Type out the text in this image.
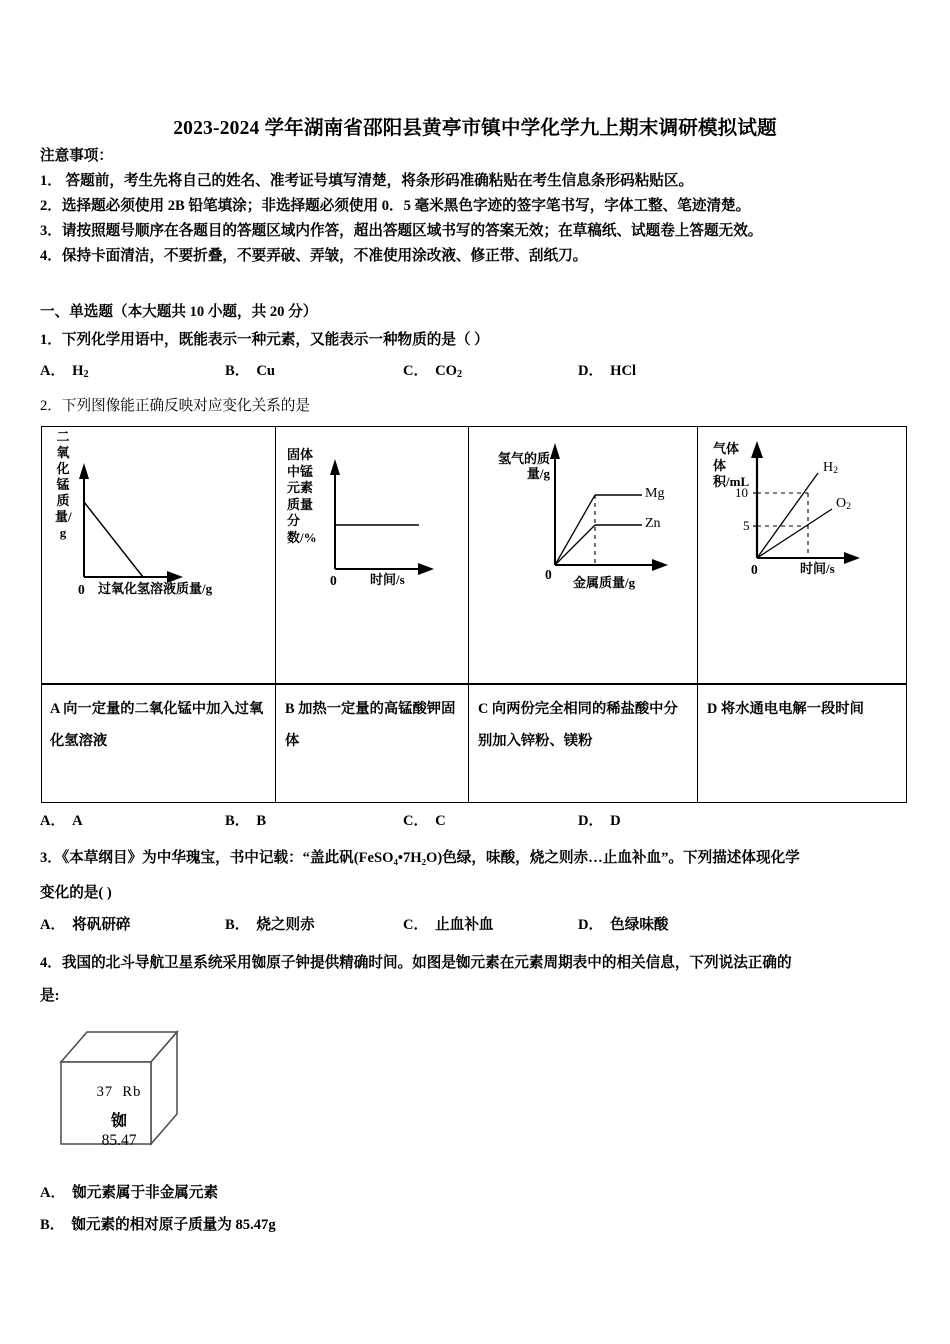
2023-2024 学年湖南省邵阳县黄亭市镇中学化学九上期末调研模拟试题
注意事项：
1． 答题前，考生先将自己的姓名、准考证号填写清楚，将条形码准确粘贴在考生信息条形码粘贴区。
2．选择题必须使用 2B 铅笔填涂；非选择题必须使用 0．5 毫米黑色字迹的签字笔书写，字体工整、笔迹清楚。
3．请按照题号顺序在各题目的答题区域内作答，超出答题区域书写的答案无效；在草稿纸、试题卷上答题无效。
4．保持卡面清洁，不要折叠，不要弄破、弄皱，不准使用涂改液、修正带、刮纸刀。
一、单选题（本大题共 10 小题，共 20 分）
1．下列化学用语中，既能表示一种元素，又能表示一种物质的是（ ）
A． $H_2$	B． Cu	C． $CO_2$	D． HCl
2．下列图像能正确反映对应变化关系的是
二氧化锰质量/g
0 过氧化氢溶液质量/g
固体中锰元素质量分数/%
0	时间/s
氢气的质量/g
Mg
Zn
0
金属质量/g
气体体积/mL
10
5
$H_2$
$O_2$
0	时间/s
A 向一定量的二氧化锰中加入过氧化氢溶液
B 加热一定量的高锰酸钾固体
C 向两份完全相同的稀盐酸中分别加入锌粉、镁粉
D 将水通电电解一段时间
A． A	B． B	C． C	D． D
3．《本草纲目》为中华瑰宝，书中记载：“盖此矾(FeSO₄•7H₂O)色绿，味酸，烧之则赤…止血补血”。下列描述体现化学
变化的是( )
A． 将矾研碎	B． 烧之则赤	C． 止血补血	D． 色绿味酸
4．我国的北斗导航卫星系统采用铷原子钟提供精确时间。如图是铷元素在元素周期表中的相关信息，下列说法正确的
是:
37 Rb
铷
85.47
A． 铷元素属于非金属元素
B． 铷元素的相对原子质量为 85.47g
